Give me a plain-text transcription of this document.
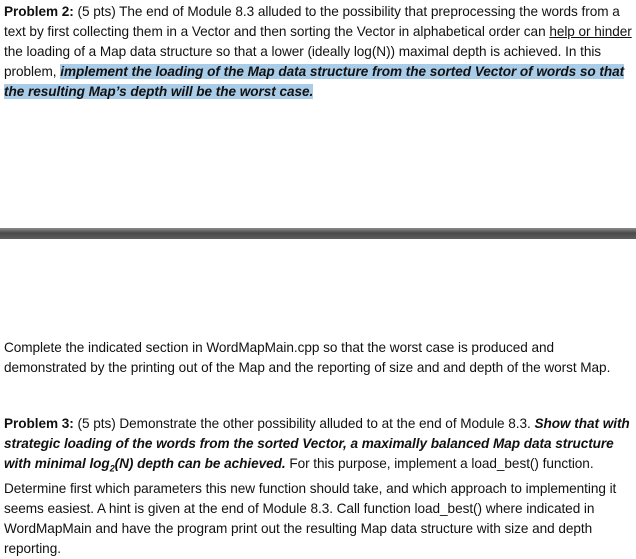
Problem 2: (5 pts) The end of Module 8.3 alluded to the possibility that preprocessing the words from a text by first collecting them in a Vector and then sorting the Vector in alphabetical order can help or hinder the loading of a Map data structure so that a lower (ideally log(N)) maximal depth is achieved. In this problem, implement the loading of the Map data structure from the sorted Vector of words so that the resulting Map’s depth will be the worst case.

Complete the indicated section in WordMapMain.cpp so that the worst case is produced and demonstrated by the printing out of the Map and the reporting of size and and depth of the worst Map.

Problem 3: (5 pts) Demonstrate the other possibility alluded to at the end of Module 8.3. Show that with strategic loading of the words from the sorted Vector, a maximally balanced Map data structure with minimal $\log_2(N)$ depth can be achieved. For this purpose, implement a load_best() function. Determine first which parameters this new function should take, and which approach to implementing it seems easiest. A hint is given at the end of Module 8.3. Call function load_best() where indicated in WordMapMain and have the program print out the resulting Map data structure with size and depth reporting.
